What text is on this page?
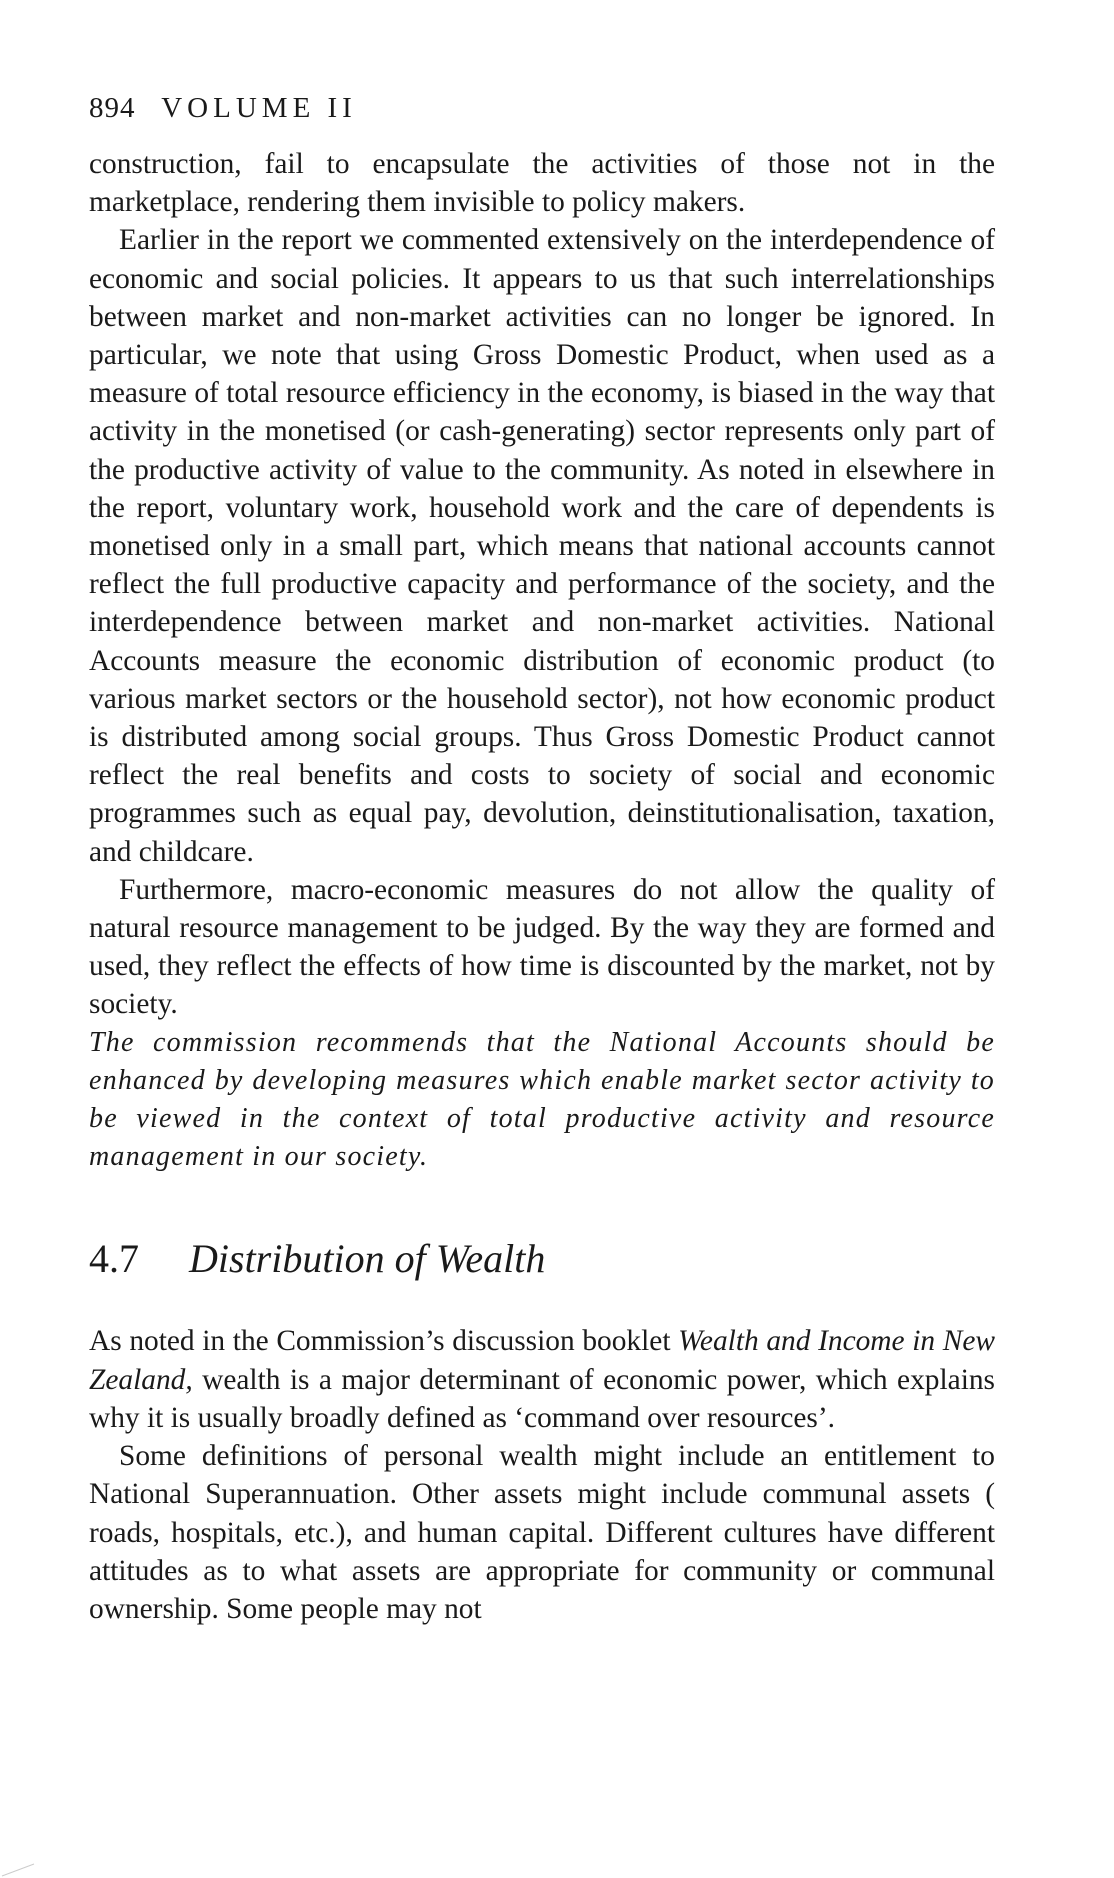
894 VOLUME II

construction, fail to encapsulate the activities of those not in the marketplace, rendering them invisible to policy makers.

Earlier in the report we commented extensively on the interdependence of economic and social policies. It appears to us that such interrelationships between market and non-market activities can no longer be ignored. In particular, we note that using Gross Domestic Product, when used as a measure of total resource efficiency in the economy, is biased in the way that activity in the monetised (or cash-generating) sector represents only part of the productive activity of value to the community. As noted in elsewhere in the report, voluntary work, household work and the care of dependents is monetised only in a small part, which means that national accounts cannot reflect the full productive capacity and performance of the society, and the interdependence between market and non-market activities. National Accounts measure the economic distribution of economic product (to various market sectors or the household sector), not how economic product is distributed among social groups. Thus Gross Domestic Product cannot reflect the real benefits and costs to society of social and economic programmes such as equal pay, devolution, deinstitutionalisation, taxation, and childcare.

Furthermore, macro-economic measures do not allow the quality of natural resource management to be judged. By the way they are formed and used, they reflect the effects of how time is discounted by the market, not by society.

The commission recommends that the National Accounts should be enhanced by developing measures which enable market sector activity to be viewed in the context of total productive activity and resource management in our society.

4.7 Distribution of Wealth

As noted in the Commission’s discussion booklet Wealth and Income in New Zealand, wealth is a major determinant of economic power, which explains why it is usually broadly defined as ‘command over resources’.

Some definitions of personal wealth might include an entitlement to National Superannuation. Other assets might include communal assets ( roads, hospitals, etc.), and human capital. Different cultures have different attitudes as to what assets are appropriate for community or communal ownership. Some people may not
